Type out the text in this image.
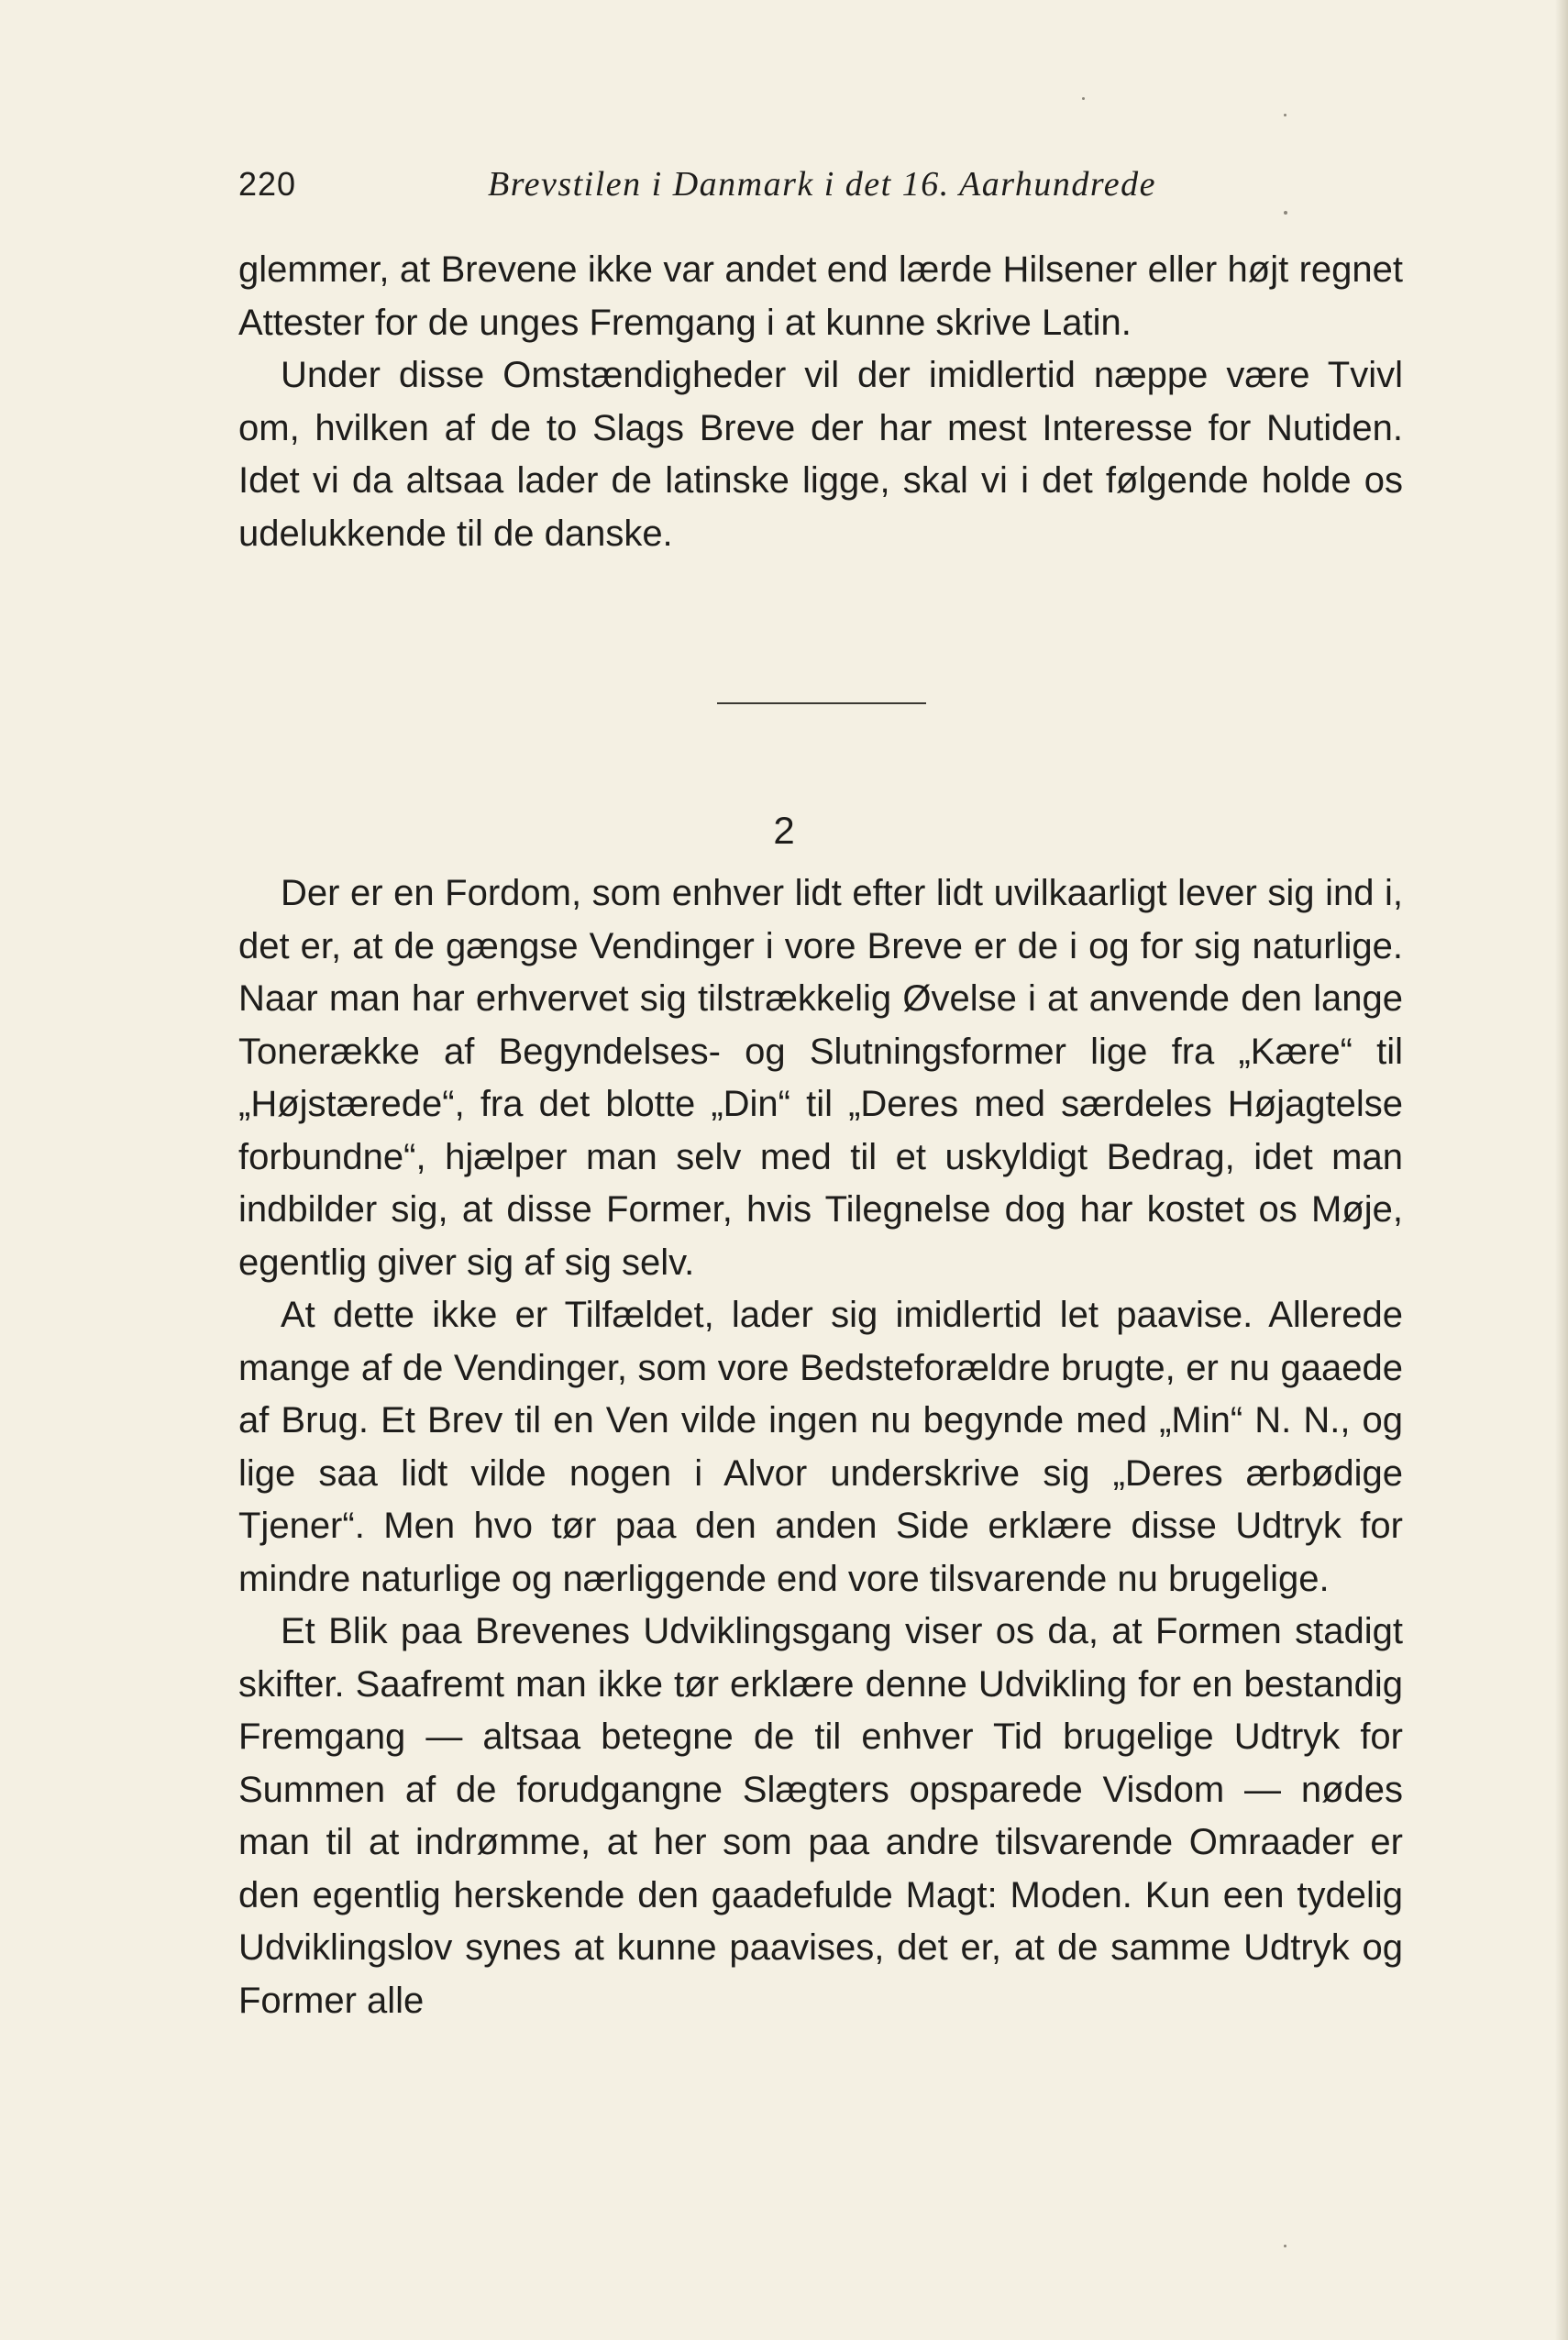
220	Brevstilen i Danmark i det 16. Aarhundrede

glemmer, at Brevene ikke var andet end lærde Hilsener eller højt regnet Attester for de unges Fremgang i at kunne skrive Latin.

Under disse Omstændigheder vil der imidlertid næppe være Tvivl om, hvilken af de to Slags Breve der har mest Interesse for Nutiden. Idet vi da altsaa lader de latinske ligge, skal vi i det følgende holde os udelukkende til de danske.

2

Der er en Fordom, som enhver lidt efter lidt uvilkaarligt lever sig ind i, det er, at de gængse Vendinger i vore Breve er de i og for sig naturlige. Naar man har erhvervet sig tilstrækkelig Øvelse i at anvende den lange Tonerække af Begyndelses- og Slutningsformer lige fra „Kære“ til „Højstærede“, fra det blotte „Din“ til „Deres med særdeles Højagtelse forbundne“, hjælper man selv med til et uskyldigt Bedrag, idet man indbilder sig, at disse Former, hvis Tilegnelse dog har kostet os Møje, egentlig giver sig af sig selv.

At dette ikke er Tilfældet, lader sig imidlertid let paavise. Allerede mange af de Vendinger, som vore Bedsteforældre brugte, er nu gaaede af Brug. Et Brev til en Ven vilde ingen nu begynde med „Min“ N. N., og lige saa lidt vilde nogen i Alvor underskrive sig „Deres ærbødige Tjener“. Men hvo tør paa den anden Side erklære disse Udtryk for mindre naturlige og nærliggende end vore tilsvarende nu brugelige.

Et Blik paa Brevenes Udviklingsgang viser os da, at Formen stadigt skifter. Saafremt man ikke tør erklære denne Udvikling for en bestandig Fremgang — altsaa betegne de til enhver Tid brugelige Udtryk for Summen af de forudgangne Slægters opsparede Visdom — nødes man til at indrømme, at her som paa andre tilsvarende Omraader er den egentlig herskende den gaadefulde Magt: Moden. Kun een tydelig Udviklingslov synes at kunne paavises, det er, at de samme Udtryk og Former alle
